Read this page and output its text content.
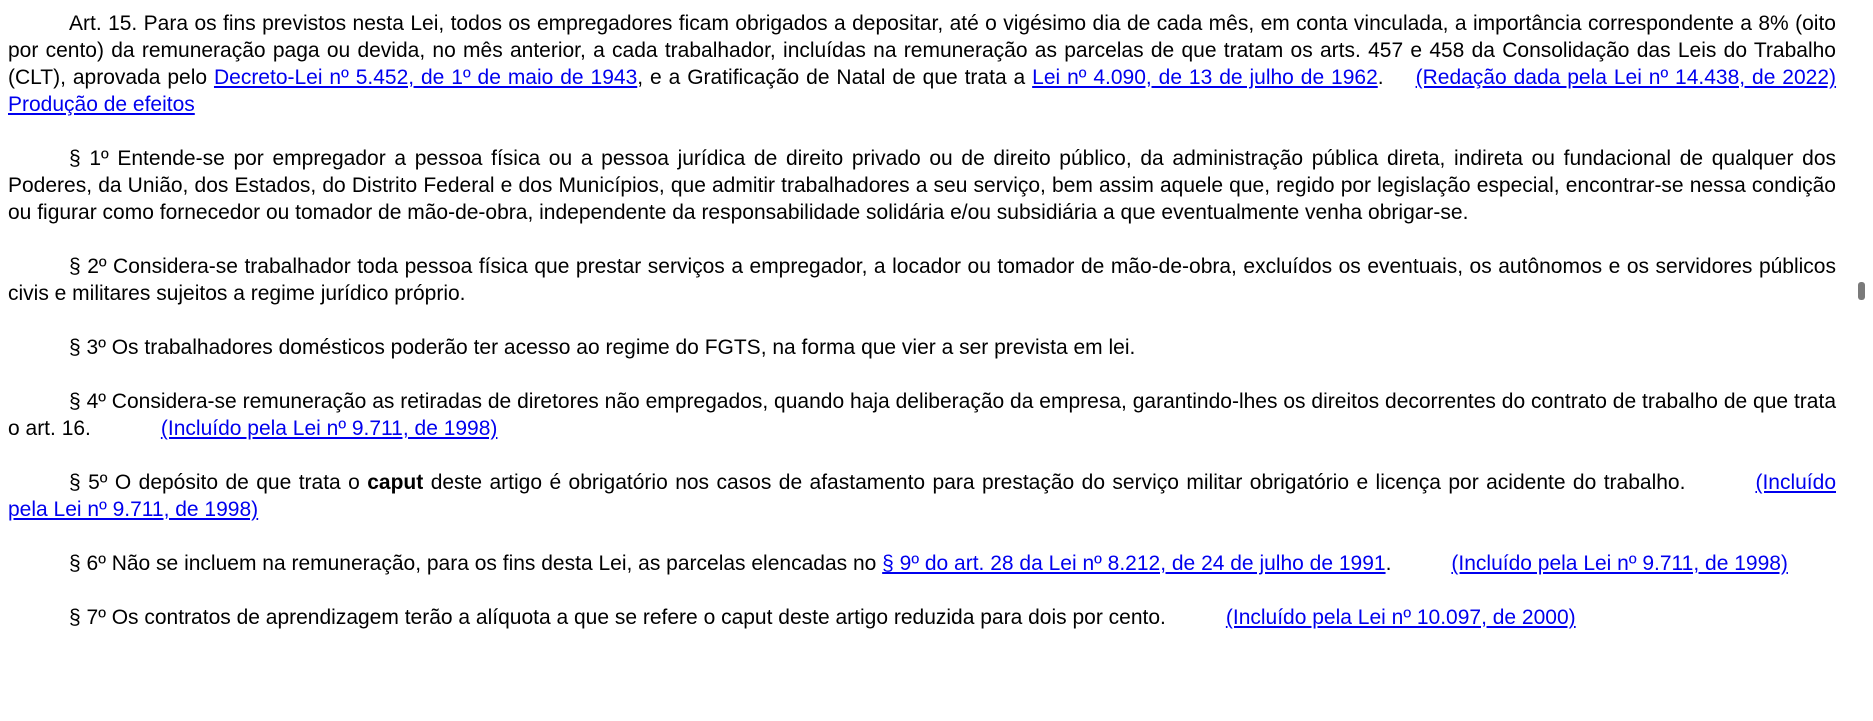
Art. 15. Para os fins previstos nesta Lei, todos os empregadores ficam obrigados a depositar, até o vigésimo dia de cada mês, em conta vinculada, a importância correspondente a 8% (oito por cento) da remuneração paga ou devida, no mês anterior, a cada trabalhador, incluídas na remuneração as parcelas de que tratam os arts. 457 e 458 da Consolidação das Leis do Trabalho (CLT), aprovada pelo Decreto-Lei nº 5.452, de 1º de maio de 1943, e a Gratificação de Natal de que trata a Lei nº 4.090, de 13 de julho de 1962. (Redação dada pela Lei nº 14.438, de 2022) Produção de efeitos

§ 1º Entende-se por empregador a pessoa física ou a pessoa jurídica de direito privado ou de direito público, da administração pública direta, indireta ou fundacional de qualquer dos Poderes, da União, dos Estados, do Distrito Federal e dos Municípios, que admitir trabalhadores a seu serviço, bem assim aquele que, regido por legislação especial, encontrar-se nessa condição ou figurar como fornecedor ou tomador de mão-de-obra, independente da responsabilidade solidária e/ou subsidiária a que eventualmente venha obrigar-se.

§ 2º Considera-se trabalhador toda pessoa física que prestar serviços a empregador, a locador ou tomador de mão-de-obra, excluídos os eventuais, os autônomos e os servidores públicos civis e militares sujeitos a regime jurídico próprio.

§ 3º Os trabalhadores domésticos poderão ter acesso ao regime do FGTS, na forma que vier a ser prevista em lei.

§ 4º Considera-se remuneração as retiradas de diretores não empregados, quando haja deliberação da empresa, garantindo-lhes os direitos decorrentes do contrato de trabalho de que trata o art. 16.	(Incluído pela Lei nº 9.711, de 1998)

§ 5º O depósito de que trata o caput deste artigo é obrigatório nos casos de afastamento para prestação do serviço militar obrigatório e licença por acidente do trabalho.	(Incluído pela Lei nº 9.711, de 1998)

§ 6º Não se incluem na remuneração, para os fins desta Lei, as parcelas elencadas no § 9º do art. 28 da Lei nº 8.212, de 24 de julho de 1991.	(Incluído pela Lei nº 9.711, de 1998)

§ 7º Os contratos de aprendizagem terão a alíquota a que se refere o caput deste artigo reduzida para dois por cento.	(Incluído pela Lei nº 10.097, de 2000)
